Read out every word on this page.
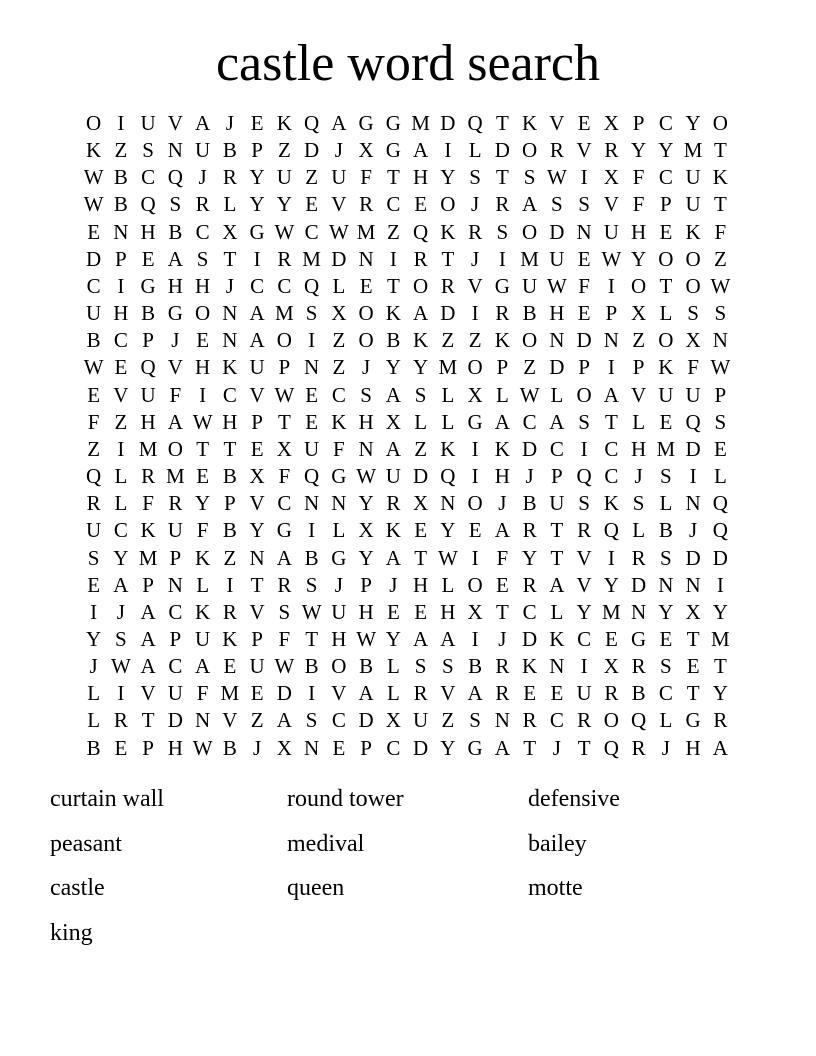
castle word search
O I U V A J E K Q A G G M D Q T K V E X P C Y O
K Z S N U B P Z D J X G A I L D O R V R Y Y M T
W B C Q J R Y U Z U F T H Y S T S W I X F C U K
W B Q S R L Y Y E V R C E O J R A S S V F P U T
E N H B C X G W C W M Z Q K R S O D N U H E K F
D P E A S T I R M D N I R T J I M U E W Y O O Z
C I G H H J C C Q L E T O R V G U W F I O T O W
U H B G O N A M S X O K A D I R B H E P X L S S
B C P J E N A O I Z O B K Z Z K O N D N Z O X N
W E Q V H K U P N Z J Y Y M O P Z D P I P K F W
E V U F I C V W E C S A S L X L W L O A V U U P
F Z H A W H P T E K H X L L G A C A S T L E Q S
Z I M O T T E X U F N A Z K I K D C I C H M D E
Q L R M E B X F Q G W U D Q I H J P Q C J S I L
R L F R Y P V C N N Y R X N O J B U S K S L N Q
U C K U F B Y G I L X K E Y E A R T R Q L B J Q
S Y M P K Z N A B G Y A T W I F Y T V I R S D D
E A P N L I T R S J P J H L O E R A V Y D N N I
I J A C K R V S W U H E E H X T C L Y M N Y X Y
Y S A P U K P F T H W Y A A I J D K C E G E T M
J W A C A E U W B O B L S S B R K N I X R S E T
L I V U F M E D I V A L R V A R E E U R B C T Y
L R T D N V Z A S C D X U Z S N R C R O Q L G R
B E P H W B J X N E P C D Y G A T J T Q R J H A
curtain wall
peasant
castle
king
round tower
medival
queen
defensive
bailey
motte
